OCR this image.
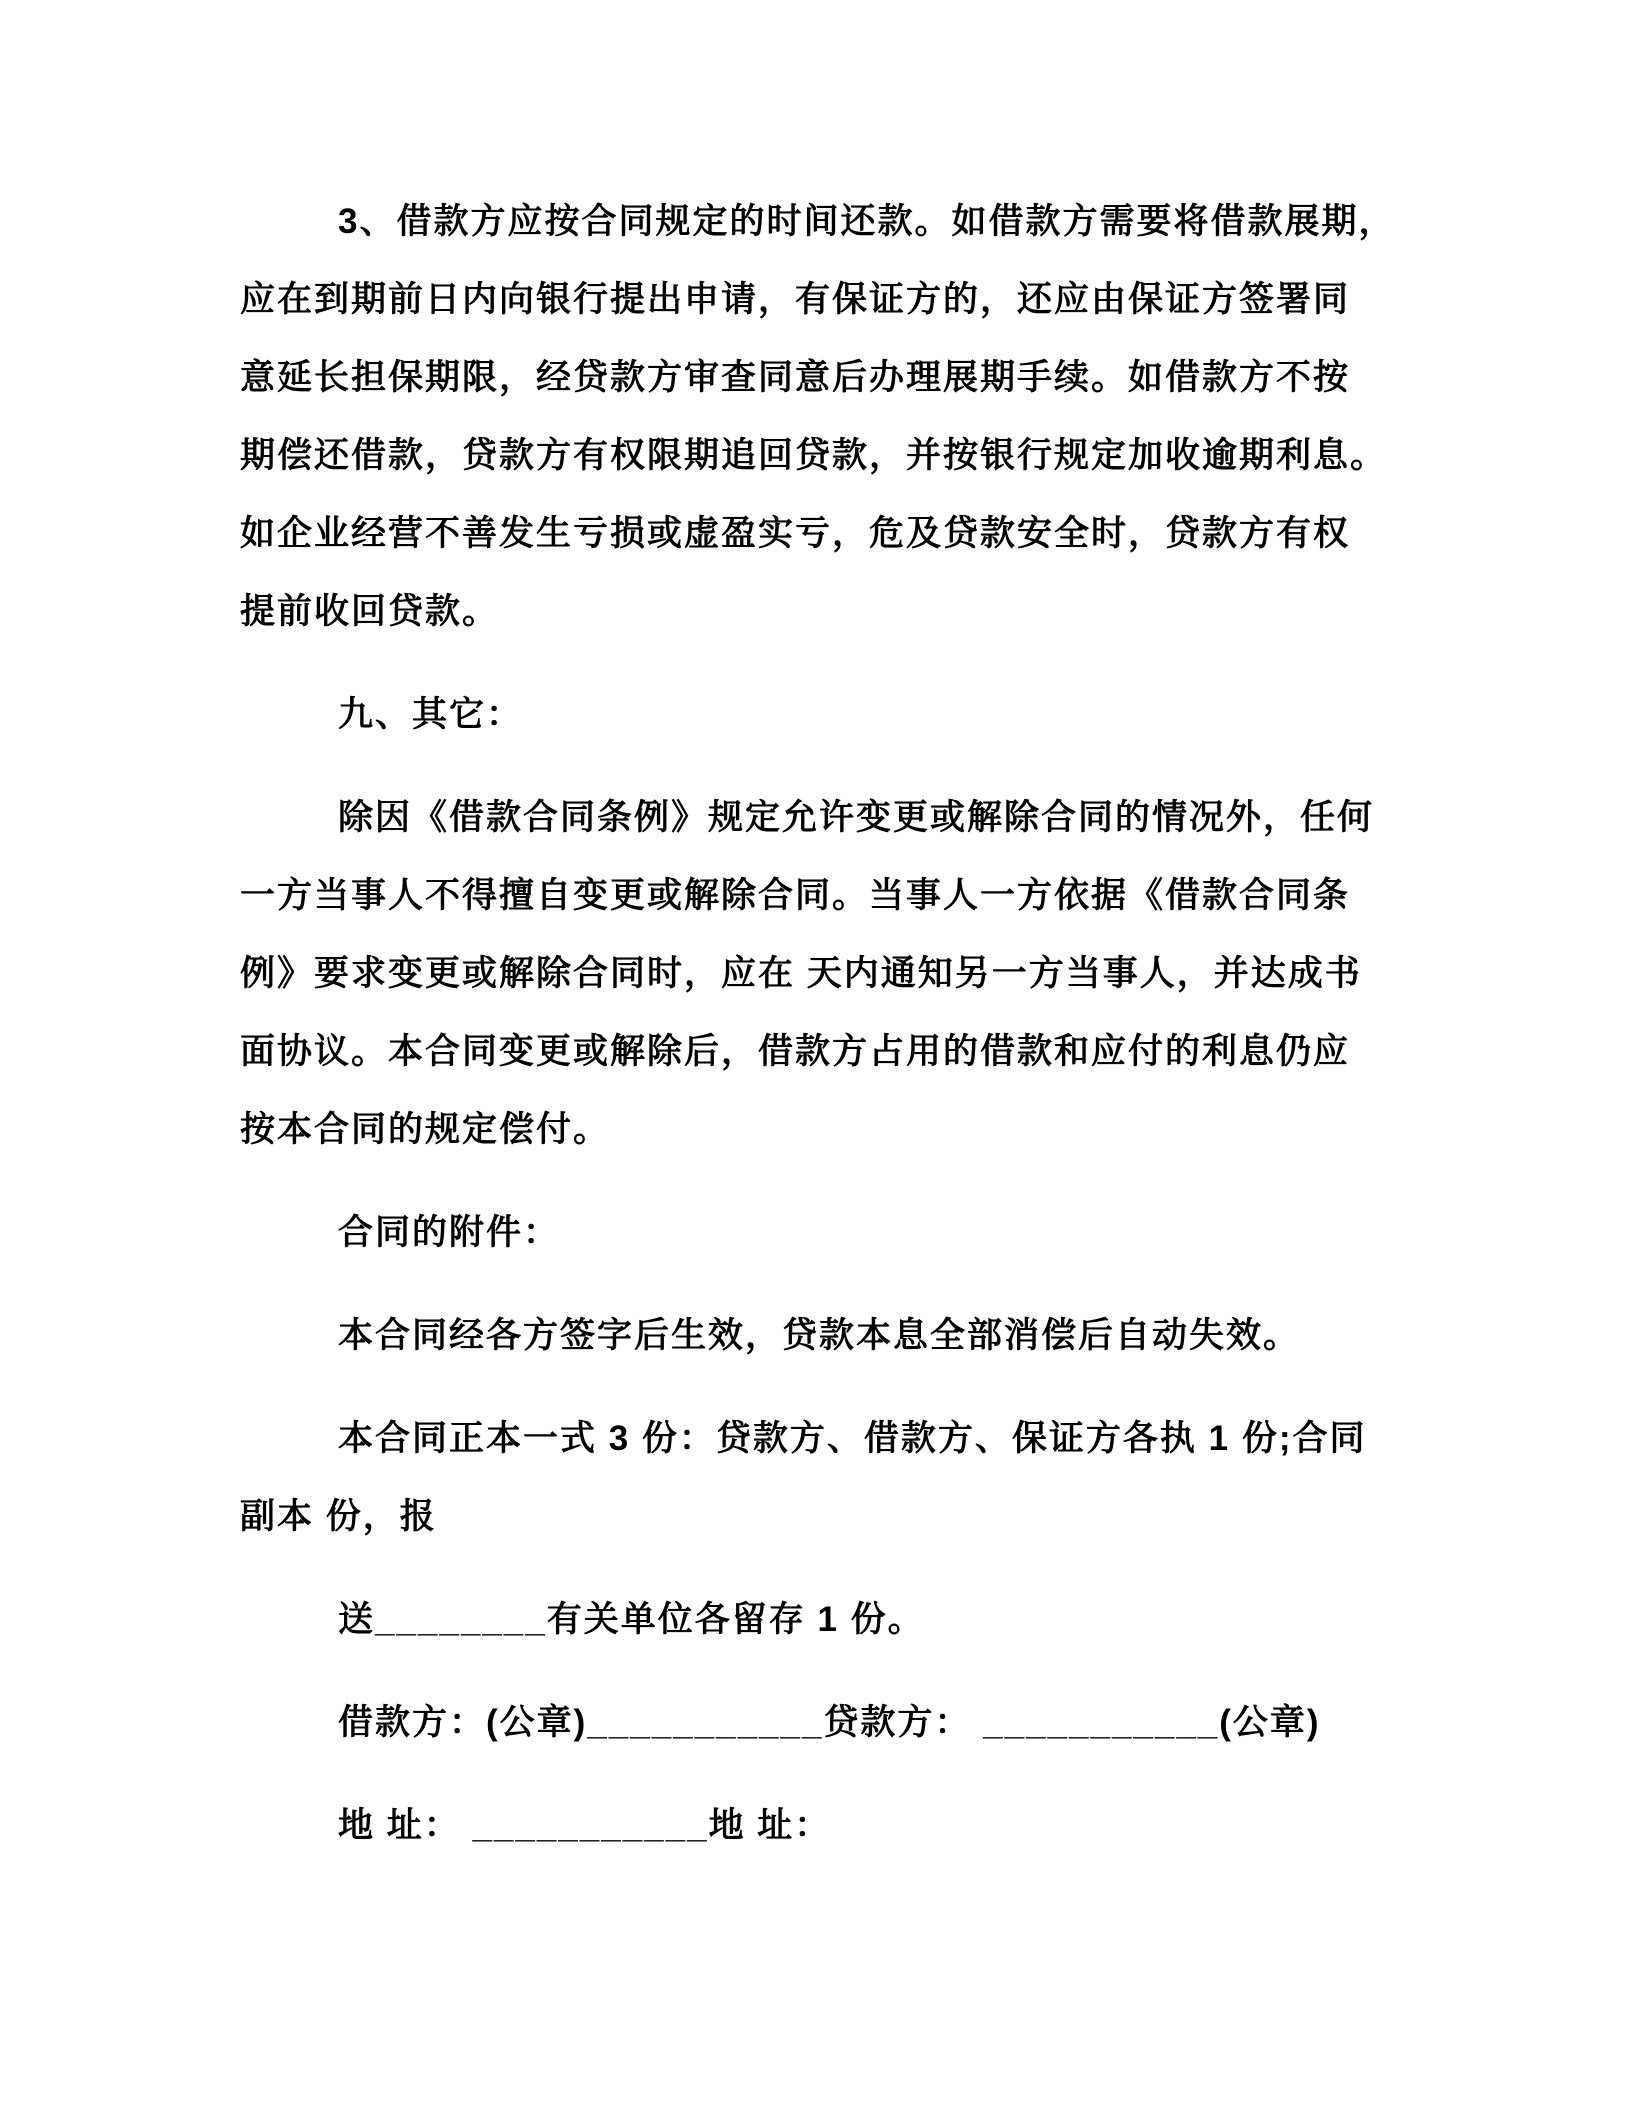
3、借款方应按合同规定的时间还款。如借款方需要将借款展期，
应在到期前日内向银行提出申请，有保证方的，还应由保证方签署同
意延长担保期限，经贷款方审查同意后办理展期手续。如借款方不按
期偿还借款，贷款方有权限期追回贷款，并按银行规定加收逾期利息。
如企业经营不善发生亏损或虚盈实亏，危及贷款安全时，贷款方有权
提前收回贷款。
九、其它：
除因《借款合同条例》规定允许变更或解除合同的情况外，任何
一方当事人不得擅自变更或解除合同。当事人一方依据《借款合同条
例》要求变更或解除合同时，应在 天内通知另一方当事人，并达成书
面协议。本合同变更或解除后，借款方占用的借款和应付的利息仍应
按本合同的规定偿付。
合同的附件：
本合同经各方签字后生效，贷款本息全部消偿后自动失效。
本合同正本一式 3 份：贷款方、借款方、保证方各执 1 份;合同
副本 份，报
送________有关单位各留存 1 份。
借款方：(公章)___________贷款方： ___________(公章)
地 址： ___________地 址：
